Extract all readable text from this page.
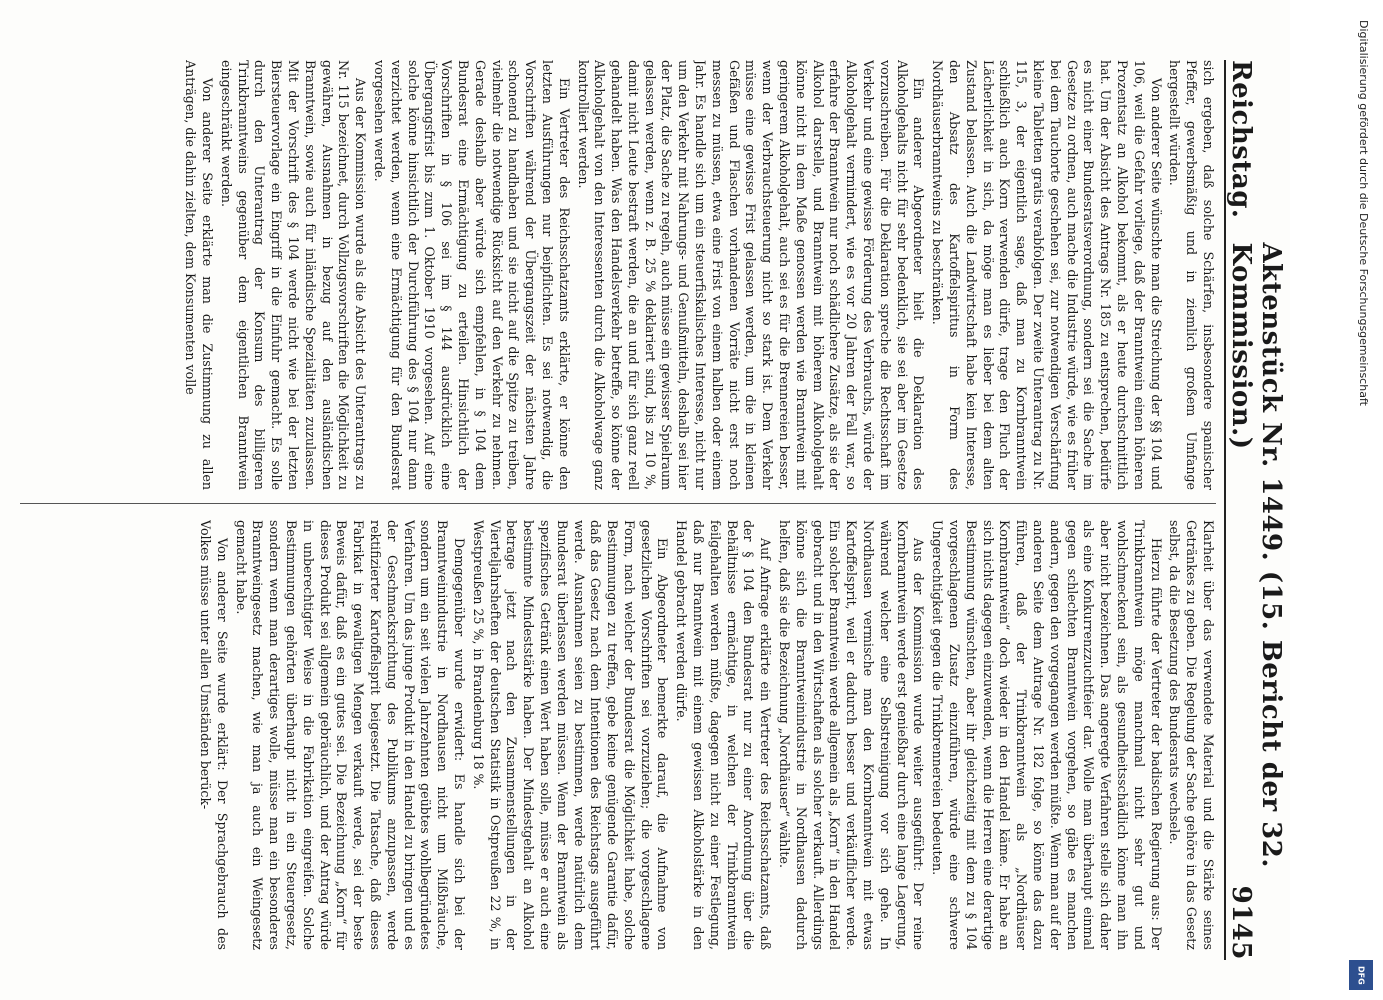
Reichstag.
Aktenstück Nr. 1449. (15. Bericht der 32. Kommission.)
9145

sich ergeben, daß solche Schärfen, insbesondere spanischer Pfeffer, gewerbsmäßig und in ziemlich großem Umfange hergestellt würden.

Von anderer Seite wünschte man die Streichung der §§ 104 und 106, weil die Gefahr vorliege, daß der Branntwein einen höheren Prozentsatz an Alkohol bekommt, als er heute durchschnittlich hat. Um der Absicht des Antrags Nr. 185 zu entsprechen, bedürfe es nicht einer Bundesratsverordnung, sondern sei die Sache im Gesetze zu ordnen, auch mache die Industrie würde, wie es früher bei dem Tauchorte geschehen sei, zur notwendigen Verschärfung kleine Tabletten gratis verabfolgen. Der zweite Unterantrag zu Nr. 115, 3, der eigentlich sage, daß man zu Kornbranntwein schließlich auch Korn verwenden dürfe, trage den Fluch der Lächerlichkeit in sich, da möge man es lieber bei dem alten Zustand belassen. Auch die Landwirtschaft habe kein Interesse, den Absatz des Kartoffelspiritus in Form des Nordhäuserbranntweins zu beschränken.

Ein anderer Abgeordneter hielt die Deklaration des Alkoholgehalts nicht für sehr bedenklich, sie sei aber im Gesetze vorzuschreiben. Für die Deklaration spreche die Rechtsschaft im Verkehr und eine gewisse Förderung des Verbrauchs, würde der Alkoholgehalt vermindert, wie es vor 20 Jahren der Fall war, so erfahre der Branntwein nur noch schädlichere Zusätze, als sie der Alkohol darstelle, und Branntwein mit höherem Alkoholgehalt könne nicht in dem Maße genossen werden wie Branntwein mit geringerem Alkoholgehalt, auch sei es für die Brennereien besser, wenn der Verbrauchsteuerung nicht so stark ist. Dem Verkehr müsse eine gewisse Frist gelassen werden, um die in kleinen Gefäßen und Flaschen vorhandenen Vorräte nicht erst noch messen zu müssen, etwa eine Frist von einem halben oder einem Jahr. Es handle sich um ein steuerfiskalisches Interesse, nicht nur um den Verkehr mit Nahrungs- und Genußmitteln, deshalb sei hier der Platz, die Sache zu regeln, auch müsse ein gewisser Spielraum gelassen werden, wenn z. B. 25 % deklariert sind, bis zu 10 %, damit nicht Leute bestraft werden, die an und für sich ganz reell gehandelt haben. Was den Handelsverkehr betreffe, so könne der Alkoholgehalt von den Interessenten durch die Alkoholwage ganz kontrolliert werden.

Ein Vertreter des Reichsschatzamts erklärte, er könne den letzten Ausführungen nur beipflichten. Es sei notwendig, die Vorschriften während der Übergangszeit der nächsten Jahre schonend zu handhaben und sie nicht auf die Spitze zu treiben, vielmehr die notwendige Rücksicht auf den Verkehr zu nehmen. Gerade deshalb aber würde sich empfehlen, in § 104 dem Bundesrat eine Ermächtigung zu erteilen. Hinsichtlich der Vorschriften in § 106 sei im § 144 ausdrücklich eine Übergangsfrist bis zum 1. Oktober 1910 vorgesehen. Auf eine solche könne hinsichtlich der Durchführung des § 104 nur dann verzichtet werden, wenn eine Ermächtigung für den Bundesrat vorgesehen werde.

Aus der Kommission wurde als die Absicht des Unterantrags zu Nr. 115 bezeichnet, durch Vollzugsvorschriften die Möglichkeit zu gewähren, Ausnahmen in bezug auf den ausländischen Branntwein, sowie auch für inländische Spezialitäten zuzulassen. Mit der Vorschrift des § 104 werde nicht wie bei der letzten Biersteuervorlage ein Eingriff in die Einfuhr gemacht. Es solle durch den Unterantrag der Konsum des billigeren Trinkbranntweins gegenüber dem eigentlichen Branntwein eingeschränkt werden.

Von anderer Seite erklärte man die Zustimmung zu allen Anträgen, die dahin zielten, dem Konsumenten volle

Klarheit über das verwendete Material und die Stärke seines Getränkes zu geben. Die Regelung der Sache gehöre in das Gesetz selbst, da die Besetzung des Bundesrats wechsele.

Hierzu führte der Vertreter der badischen Regierung aus: Der Trinkbranntwein möge manchmal nicht sehr gut und wohlschmeckend sein, als gesundheitsschädlich könne man ihn aber nicht bezeichnen. Das angeregte Verfahren stelle sich daher als eine Konkurrenzzuchtfeier dar. Wolle man überhaupt einmal gegen schlechten Branntwein vorgehen, so gäbe es manchen andern, gegen den vorgegangen werden müßte. Wenn man auf der anderen Seite dem Antrage Nr. 182 folge, so könne das dazu führen, daß der Trinkbranntwein als „Nordhäuser Kornbranntwein“ doch wieder in den Handel käme. Er habe an sich nichts dagegen einzuwenden, wenn die Herren eine derartige Bestimmung wünschten, aber ihr gleichzeitig mit dem zu § 104 vorgeschlagenen Zusatz einzuführen, würde eine schwere Ungerechtigkeit gegen die Trinkbrennereien bedeuten.

Aus der Kommission wurde weiter ausgeführt: Der reine Kornbranntwein werde erst genießbar durch eine lange Lagerung, während welcher eine Selbstreinigung vor sich gehe. In Nordhausen vermische man den Kornbranntwein mit etwas Kartoffelsprit, weil er dadurch besser und verkäuflicher werde. Ein solcher Branntwein werde allgemein als „Korn“ in den Handel gebracht und in den Wirtschaften als solcher verkauft. Allerdings könne sich die Branntweinindustrie in Nordhausen dadurch helfen, daß sie die Bezeichnung „Nordhäuser“ wählte.

Auf Anfrage erklärte ein Vertreter des Reichsschatzamts, daß der § 104 den Bundesrat nur zu einer Anordnung über die Behältnisse ermächtige, in welchen der Trinkbranntwein feilgehalten werden müßte, dagegen nicht zu einer Festlegung, daß nur Branntwein mit einem gewissen Alkoholstärke in den Handel gebracht werden dürfe.

Ein Abgeordneter bemerkte darauf, die Aufnahme von gesetzlichen Vorschriften sei vorzuziehen; die vorgeschlagene Form, nach welcher der Bundesrat die Möglichkeit habe, solche Bestimmungen zu treffen, gebe keine genügende Garantie dafür, daß das Gesetz nach dem Intentionen des Reichstags ausgeführt werde. Ausnahmen seien zu bestimmen, werde natürlich dem Bundesrat überlassen werden müssen. Wenn der Branntwein als spezifisches Getränk einen Wert haben solle, müsse er auch eine bestimmte Mindeststärke haben. Der Mindestgehalt an Alkohol betrage jetzt nach den Zusammenstellungen in der Vierteljahrsheften der deutschen Statistik in Ostpreußen 22 %, in Westpreußen 25 %, in Brandenburg 18 %.

Demgegenüber wurde erwidert: Es handle sich bei der Branntweinindustrie in Nordhausen nicht um Mißbräuche, sondern um ein seit vielen Jahrzehnten geübtes wohlbegründetes Verfahren. Um das junge Produkt in den Handel zu bringen und es der Geschmacksrichtung des Publikums anzupassen, werde rektifizierter Kartoffelsprit beigesetzt. Die Tatsache, daß dieses Fabrikat in gewaltigen Mengen verkauft werde, sei der beste Beweis dafür, daß es ein gutes sei. Die Bezeichnung „Korn“ für dieses Produkt sei allgemein gebräuchlich, und der Antrag würde in unberechtigter Weise in die Fabrikation eingreifen. Solche Bestimmungen gehörten überhaupt nicht in ein Steuergesetz, sondern wenn man derartiges wolle, müsse man ein besonderes Branntweingesetz machen, wie man ja auch ein Weingesetz gemacht habe.

Von anderer Seite wurde erklärt: Der Sprachgebrauch des Volkes müsse unter allen Umständen berück-

Digitalisierung gefördert durch die Deutsche Forschungsgemeinschaft
DFG
